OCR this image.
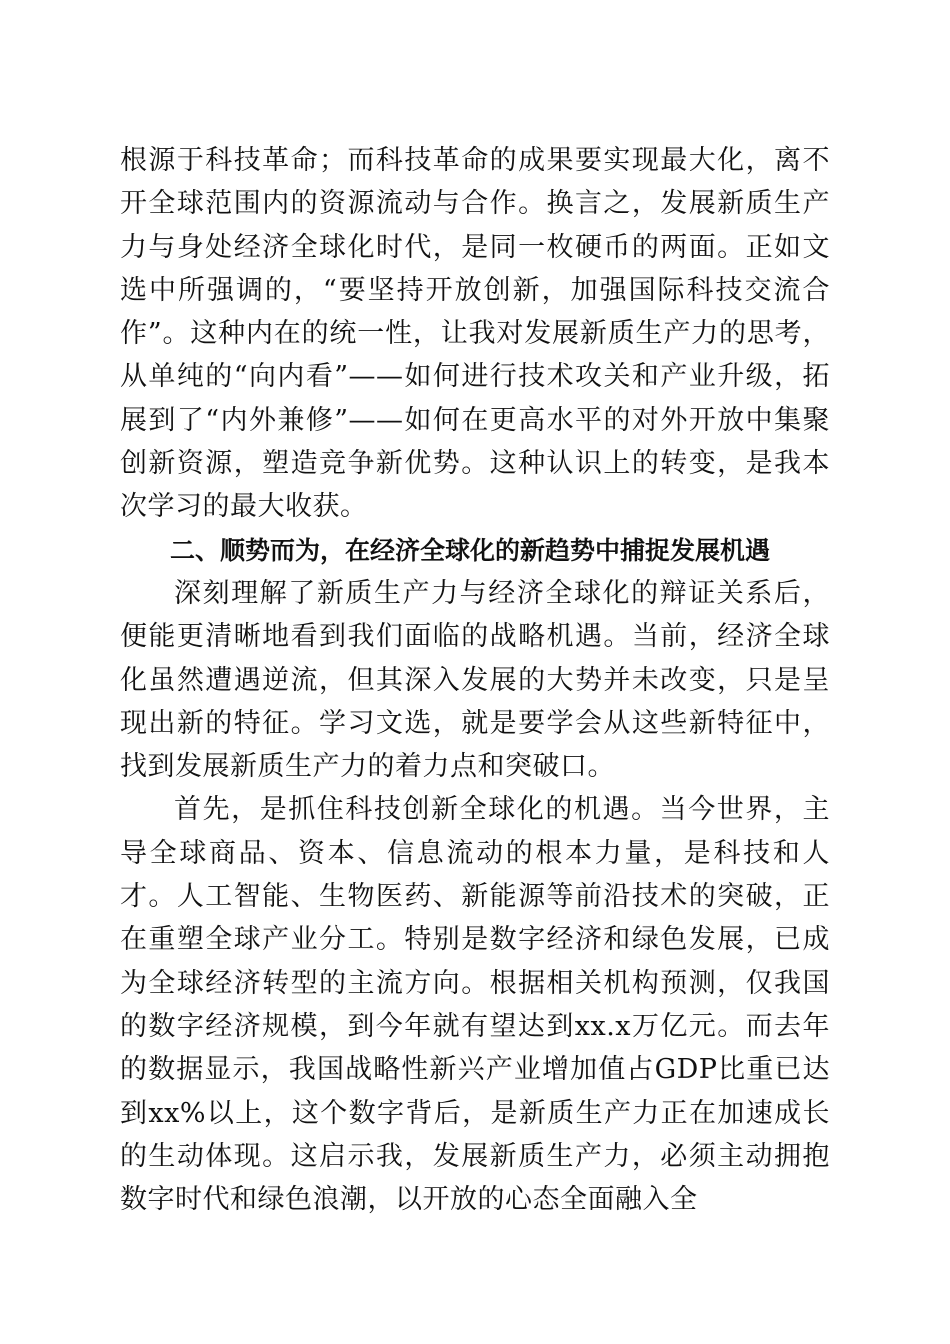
根源于科技革命；而科技革命的成果要实现最大化，离不开全球范围内的资源流动与合作。换言之，发展新质生产力与身处经济全球化时代，是同一枚硬币的两面。正如文选中所强调的，“要坚持开放创新，加强国际科技交流合作”。这种内在的统一性，让我对发展新质生产力的思考，从单纯的“向内看”——如何进行技术攻关和产业升级，拓展到了“内外兼修”——如何在更高水平的对外开放中集聚创新资源，塑造竞争新优势。这种认识上的转变，是我本次学习的最大收获。

二、顺势而为，在经济全球化的新趋势中捕捉发展机遇

深刻理解了新质生产力与经济全球化的辩证关系后，便能更清晰地看到我们面临的战略机遇。当前，经济全球化虽然遭遇逆流，但其深入发展的大势并未改变，只是呈现出新的特征。学习文选，就是要学会从这些新特征中，找到发展新质生产力的着力点和突破口。

首先，是抓住科技创新全球化的机遇。当今世界，主导全球商品、资本、信息流动的根本力量，是科技和人才。人工智能、生物医药、新能源等前沿技术的突破，正在重塑全球产业分工。特别是数字经济和绿色发展，已成为全球经济转型的主流方向。根据相关机构预测，仅我国的数字经济规模，到今年就有望达到xx.x万亿元。而去年的数据显示，我国战略性新兴产业增加值占GDP比重已达到xx%以上，这个数字背后，是新质生产力正在加速成长的生动体现。这启示我，发展新质生产力，必须主动拥抱数字时代和绿色浪潮，以开放的心态全面融入全
